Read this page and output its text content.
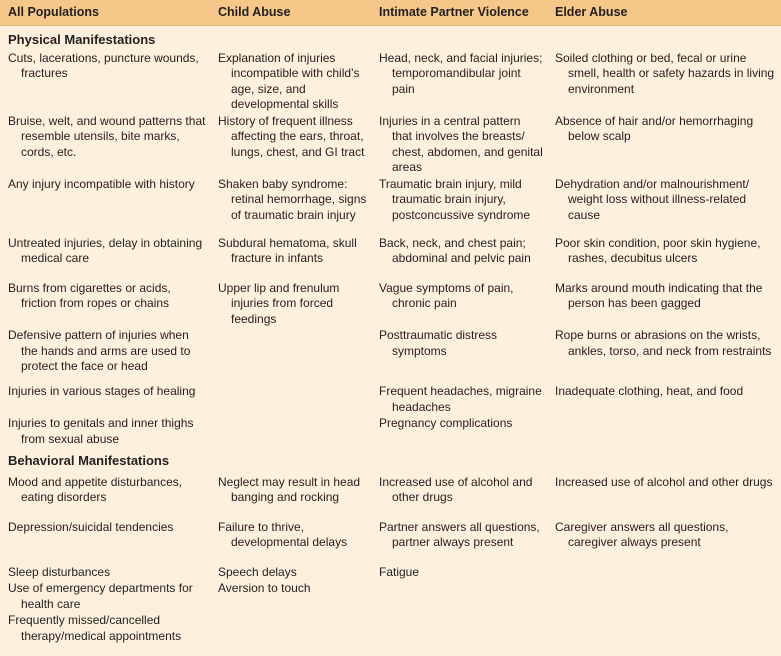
All Populations	Child Abuse	Intimate Partner Violence	Elder Abuse
Physical Manifestations			

Cuts, lacerations, puncture wounds, fractures	Explanation of injuries incompatible with child’s age, size, and developmental skills	Head, neck, and facial injuries; temporomandibular joint pain	Soiled clothing or bed, fecal or urine smell, health or safety hazards in living environment

Bruise, welt, and wound patterns that resemble utensils, bite marks, cords, etc.	History of frequent illness affecting the ears, throat, lungs, chest, and GI tract	Injuries in a central pattern that involves the breasts/ chest, abdomen, and genital areas	Absence of hair and/or hemorrhaging below scalp

Any injury incompatible with history	Shaken baby syndrome: retinal hemorrhage, signs of traumatic brain injury	Traumatic brain injury, mild traumatic brain injury, postconcussive syndrome	Dehydration and/or malnourishment/ weight loss without illness-related cause

Untreated injuries, delay in obtaining medical care	Subdural hematoma, skull fracture in infants	Back, neck, and chest pain; abdominal and pelvic pain	Poor skin condition, poor skin hygiene, rashes, decubitus ulcers

Burns from cigarettes or acids, friction from ropes or chains	Upper lip and frenulum injuries from forced feedings	Vague symptoms of pain, chronic pain	Marks around mouth indicating that the person has been gagged

Defensive pattern of injuries when the hands and arms are used to protect the face or head		Posttraumatic distress symptoms	Rope burns or abrasions on the wrists, ankles, torso, and neck from restraints

Injuries in various stages of healing		Frequent headaches, migraine headaches	Inadequate clothing, heat, and food

Injuries to genitals and inner thighs from sexual abuse		Pregnancy complications	

Behavioral Manifestations			

Mood and appetite disturbances, eating disorders	Neglect may result in head banging and rocking	Increased use of alcohol and other drugs	Increased use of alcohol and other drugs

Depression/suicidal tendencies	Failure to thrive, developmental delays	Partner answers all questions, partner always present	Caregiver answers all questions, caregiver always present

Sleep disturbances	Speech delays	Fatigue	

Use of emergency departments for health care	Aversion to touch		

Frequently missed/cancelled therapy/medical appointments			
